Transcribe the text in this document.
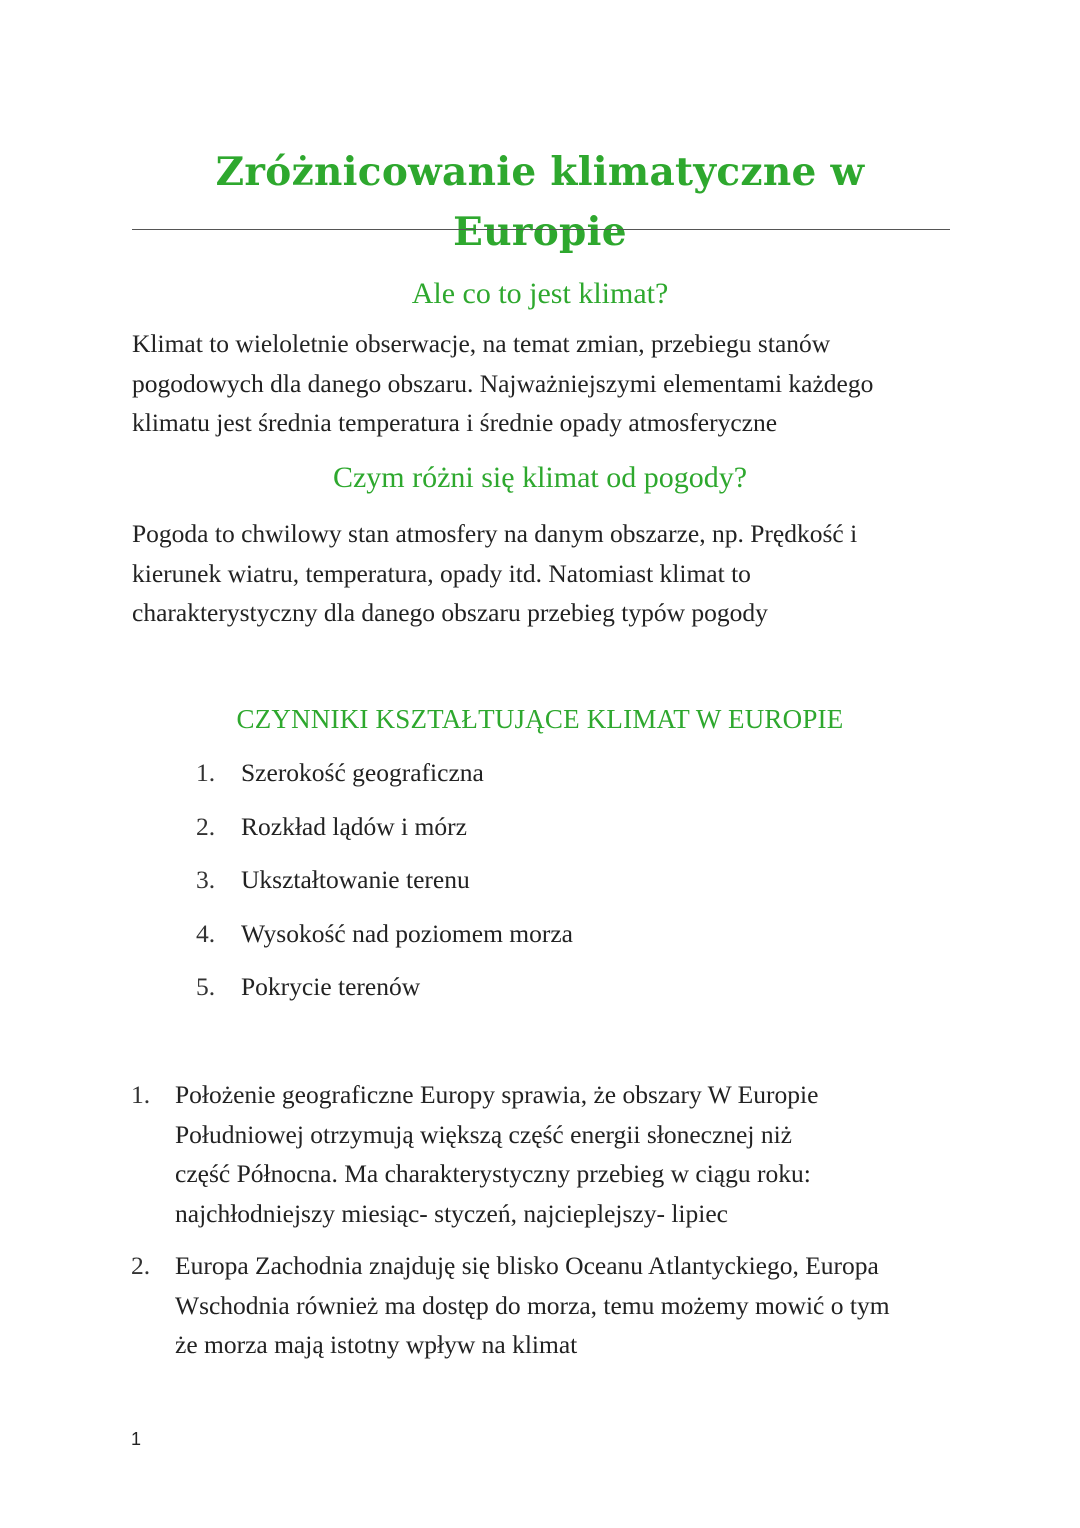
Zróżnicowanie klimatyczne w Europie
Ale co to jest klimat?
Klimat to wieloletnie obserwacje, na temat zmian, przebiegu stanów
pogodowych dla danego obszaru. Najważniejszymi elementami każdego
klimatu jest średnia temperatura i średnie opady atmosferyczne
Czym różni się klimat od pogody?
Pogoda to chwilowy stan atmosfery na danym obszarze, np. Prędkość i
kierunek wiatru, temperatura, opady itd. Natomiast klimat to
charakterystyczny dla danego obszaru przebieg typów pogody
CZYNNIKI KSZTAŁTUJĄCE KLIMAT W EUROPIE
1. Szerokość geograficzna
2. Rozkład lądów i mórz
3. Ukształtowanie terenu
4. Wysokość nad poziomem morza
5. Pokrycie terenów
1. Położenie geograficzne Europy sprawia, że obszary W Europie
Południowej otrzymują większą część energii słonecznej niż
część Północna. Ma charakterystyczny przebieg w ciągu roku:
najchłodniejszy miesiąc- styczeń, najcieplejszy- lipiec
2. Europa Zachodnia znajduję się blisko Oceanu Atlantyckiego, Europa
Wschodnia również ma dostęp do morza, temu możemy mowić o tym
że morza mają istotny wpływ na klimat
1
